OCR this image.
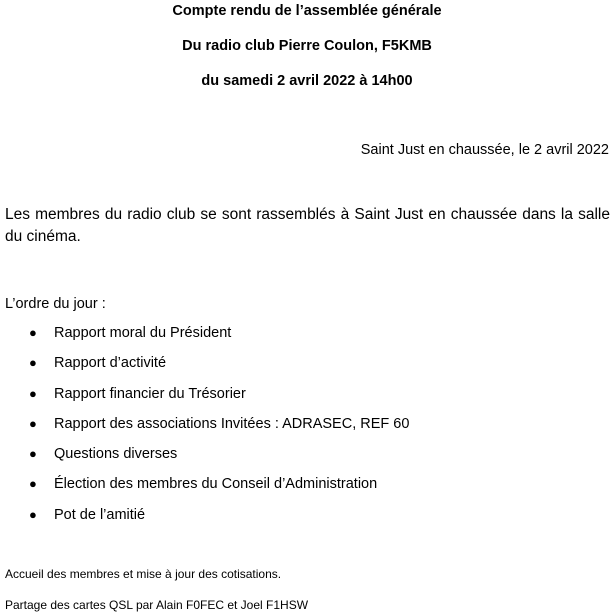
Compte rendu de l’assemblée générale
Du radio club Pierre Coulon, F5KMB
du samedi 2 avril 2022 à 14h00
Saint Just en chaussée, le 2 avril 2022
Les membres du radio club se sont rassemblés à Saint Just en chaussée dans la salle du cinéma.
L’ordre du jour :
● Rapport moral du Président
● Rapport d’activité
● Rapport financier du Trésorier
● Rapport des associations Invitées : ADRASEC, REF 60
● Questions diverses
● Élection des membres du Conseil d’Administration
● Pot de l’amitié
Accueil des membres et mise à jour des cotisations.
Partage des cartes QSL par Alain F0FEC et Joel F1HSW
